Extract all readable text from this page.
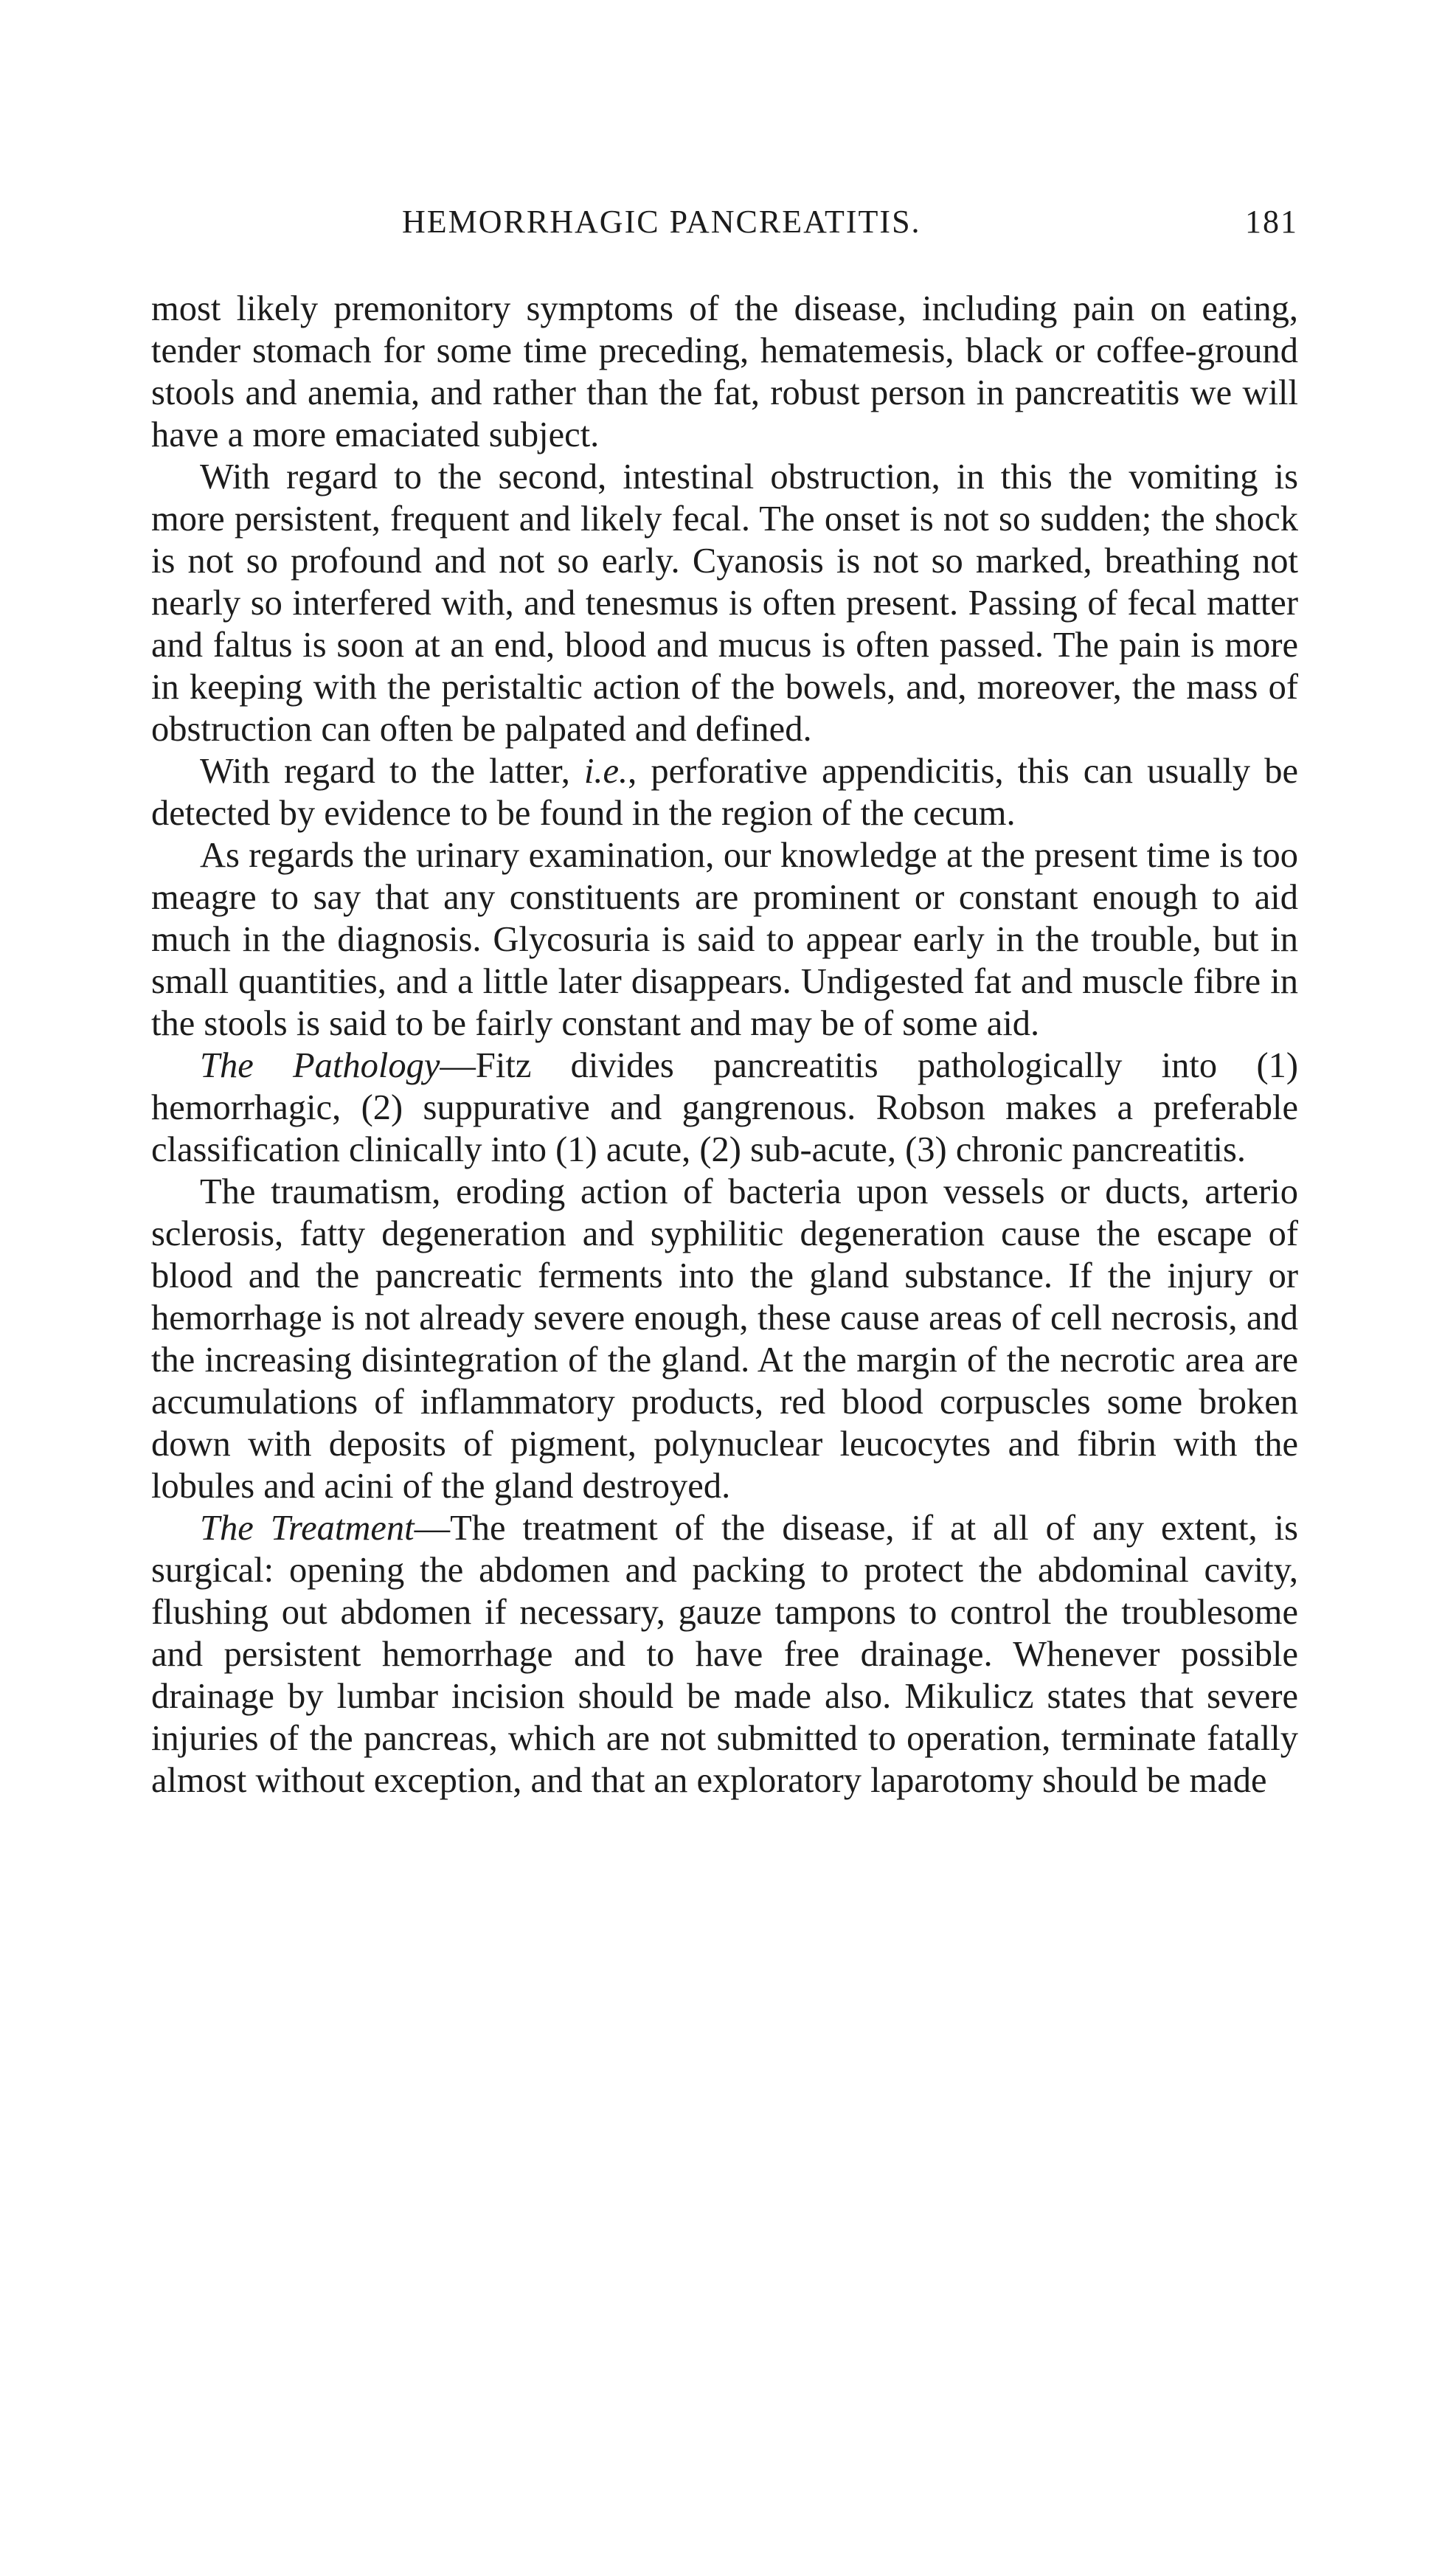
HEMORRHAGIC PANCREATITIS.	181

most likely premonitory symptoms of the disease, including pain on eating, tender stomach for some time preceding, hematemesis, black or coffee-ground stools and anemia, and rather than the fat, robust person in pancreatitis we will have a more emaciated subject.

With regard to the second, intestinal obstruction, in this the vomiting is more persistent, frequent and likely fecal. The onset is not so sudden; the shock is not so profound and not so early. Cyanosis is not so marked, breathing not nearly so interfered with, and tenesmus is often present. Passing of fecal matter and faltus is soon at an end, blood and mucus is often passed. The pain is more in keeping with the peristaltic action of the bowels, and, moreover, the mass of obstruction can often be palpated and defined.

With regard to the latter, i.e., perforative appendicitis, this can usually be detected by evidence to be found in the region of the cecum.

As regards the urinary examination, our knowledge at the present time is too meagre to say that any constituents are prominent or constant enough to aid much in the diagnosis. Glycosuria is said to appear early in the trouble, but in small quantities, and a little later disappears. Undigested fat and muscle fibre in the stools is said to be fairly constant and may be of some aid.

The Pathology—Fitz divides pancreatitis pathologically into (1) hemorrhagic, (2) suppurative and gangrenous. Robson makes a preferable classification clinically into (1) acute, (2) sub-acute, (3) chronic pancreatitis.

The traumatism, eroding action of bacteria upon vessels or ducts, arterio sclerosis, fatty degeneration and syphilitic degeneration cause the escape of blood and the pancreatic ferments into the gland substance. If the injury or hemorrhage is not already severe enough, these cause areas of cell necrosis, and the increasing disintegration of the gland. At the margin of the necrotic area are accumulations of inflammatory products, red blood corpuscles some broken down with deposits of pigment, polynuclear leucocytes and fibrin with the lobules and acini of the gland destroyed.

The Treatment—The treatment of the disease, if at all of any extent, is surgical: opening the abdomen and packing to protect the abdominal cavity, flushing out abdomen if necessary, gauze tampons to control the troublesome and persistent hemorrhage and to have free drainage. Whenever possible drainage by lumbar incision should be made also. Mikulicz states that severe injuries of the pancreas, which are not submitted to operation, terminate fatally almost without exception, and that an exploratory laparotomy should be made
